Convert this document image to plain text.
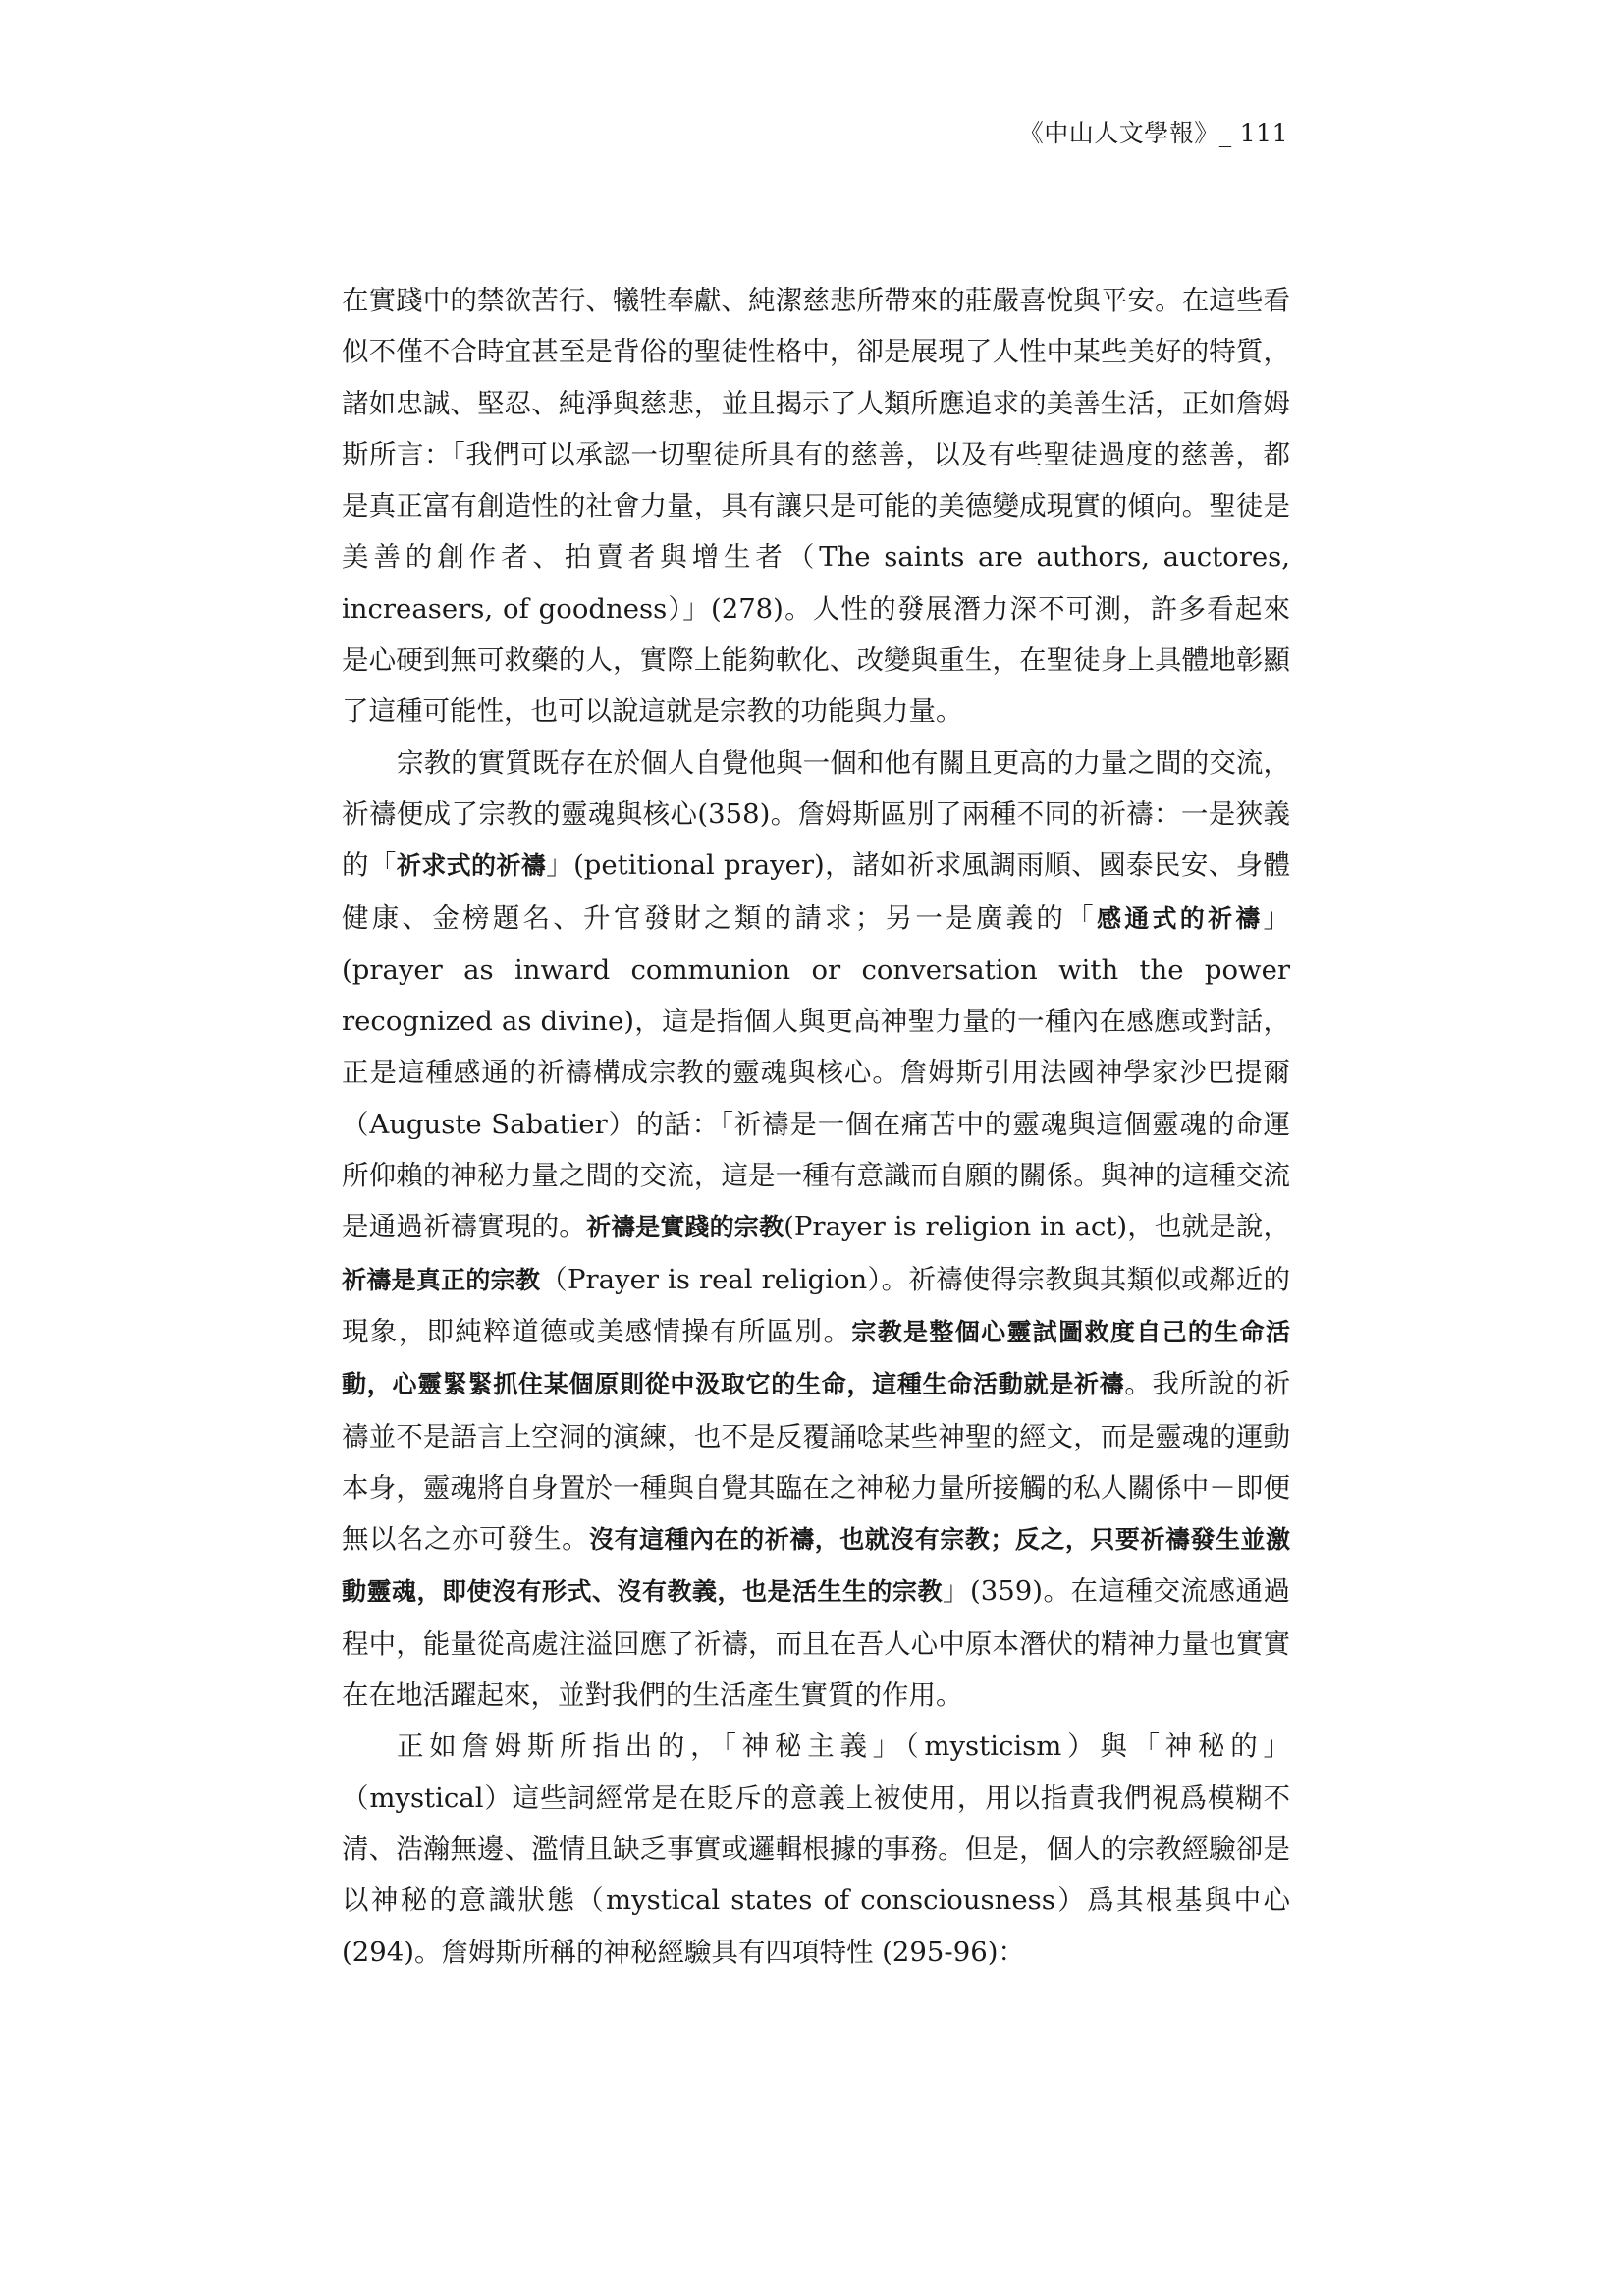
《中山人文學報》_ 111

在實踐中的禁欲苦行、犧牲奉獻、純潔慈悲所帶來的莊嚴喜悅與平安。在這些看似不僅不合時宜甚至是背俗的聖徒性格中，卻是展現了人性中某些美好的特質，諸如忠誠、堅忍、純淨與慈悲，並且揭示了人類所應追求的美善生活，正如詹姆斯所言：「我們可以承認一切聖徒所具有的慈善，以及有些聖徒過度的慈善，都是真正富有創造性的社會力量，具有讓只是可能的美德變成現實的傾向。聖徒是美善的創作者、拍賣者與增生者（The saints are authors, auctores, increasers, of goodness）」(278)。人性的發展潛力深不可測，許多看起來是心硬到無可救藥的人，實際上能夠軟化、改變與重生，在聖徒身上具體地彰顯了這種可能性，也可以說這就是宗教的功能與力量。

宗教的實質既存在於個人自覺他與一個和他有關且更高的力量之間的交流，祈禱便成了宗教的靈魂與核心(358)。詹姆斯區別了兩種不同的祈禱：一是狹義的「祈求式的祈禱」(petitional prayer)，諸如祈求風調雨順、國泰民安、身體健康、金榜題名、升官發財之類的請求；另一是廣義的「感通式的祈禱」(prayer as inward communion or conversation with the power recognized as divine)，這是指個人與更高神聖力量的一種內在感應或對話，正是這種感通的祈禱構成宗教的靈魂與核心。詹姆斯引用法國神學家沙巴提爾（Auguste Sabatier）的話：「祈禱是一個在痛苦中的靈魂與這個靈魂的命運所仰賴的神秘力量之間的交流，這是一種有意識而自願的關係。與神的這種交流是通過祈禱實現的。祈禱是實踐的宗教(Prayer is religion in act)，也就是說，祈禱是真正的宗教（Prayer is real religion）。祈禱使得宗教與其類似或鄰近的現象，即純粹道德或美感情操有所區別。宗教是整個心靈試圖救度自己的生命活動，心靈緊緊抓住某個原則從中汲取它的生命，這種生命活動就是祈禱。我所說的祈禱並不是語言上空洞的演練，也不是反覆誦唸某些神聖的經文，而是靈魂的運動本身，靈魂將自身置於一種與自覺其臨在之神秘力量所接觸的私人關係中－即便無以名之亦可發生。沒有這種內在的祈禱，也就沒有宗教；反之，只要祈禱發生並激動靈魂，即使沒有形式、沒有教義，也是活生生的宗教」(359)。在這種交流感通過程中，能量從高處注溢回應了祈禱，而且在吾人心中原本潛伏的精神力量也實實在在地活躍起來，並對我們的生活產生實質的作用。

正如詹姆斯所指出的，「神秘主義」（mysticism）與「神秘的」（mystical）這些詞經常是在貶斥的意義上被使用，用以指責我們視爲模糊不清、浩瀚無邊、濫情且缺乏事實或邏輯根據的事務。但是，個人的宗教經驗卻是以神秘的意識狀態（mystical states of consciousness）爲其根基與中心(294)。詹姆斯所稱的神秘經驗具有四項特性 (295-96)：
